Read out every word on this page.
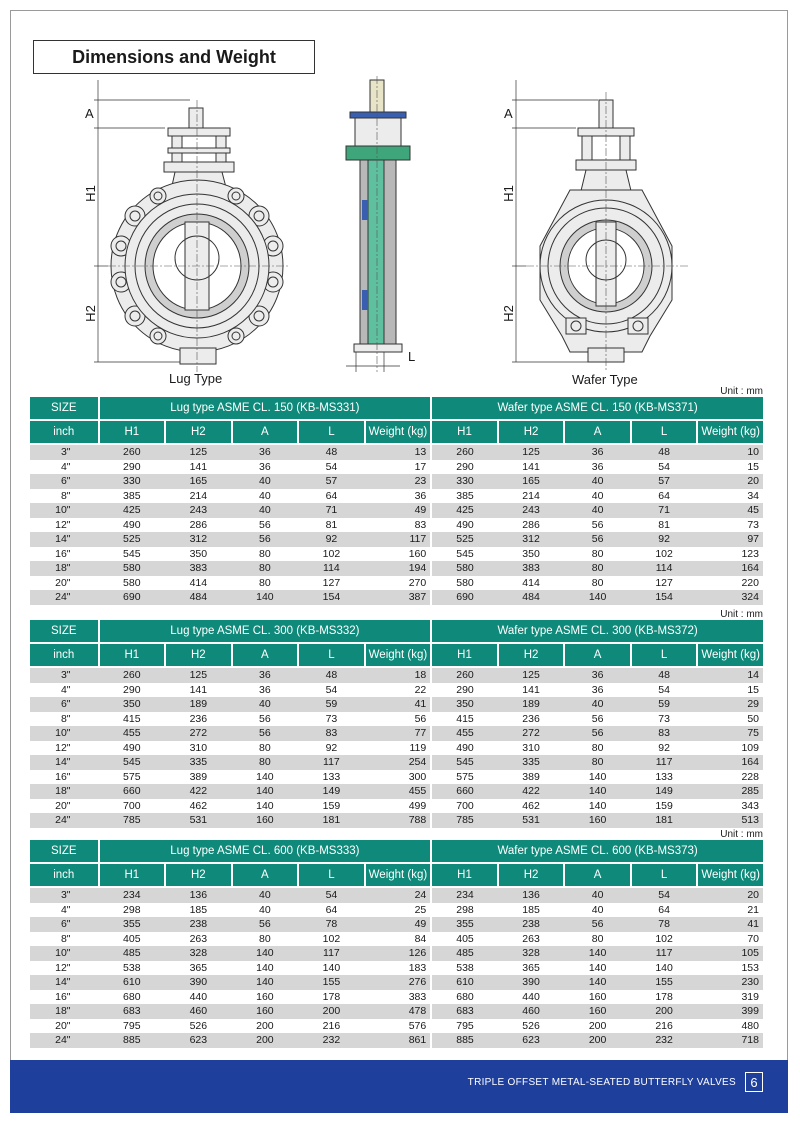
Dimensions and Weight
A
H1
H2
L
A
H1
H2
Lug Type	Wafer Type
Unit : mm
Unit : mm
Unit : mm
SIZE	Lug type ASME CL. 150 (KB-MS331)					Wafer type ASME CL. 150 (KB-MS371)				
inch	H1	H2	A	L	Weight (kg)	H1	H2	A	L	Weight (kg)
3"	260	125	36	48	13	260	125	36	48	10
4"	290	141	36	54	17	290	141	36	54	15
6"	330	165	40	57	23	330	165	40	57	20
8"	385	214	40	64	36	385	214	40	64	34
10"	425	243	40	71	49	425	243	40	71	45
12"	490	286	56	81	83	490	286	56	81	73
14"	525	312	56	92	117	525	312	56	92	97
16"	545	350	80	102	160	545	350	80	102	123
18"	580	383	80	114	194	580	383	80	114	164
20"	580	414	80	127	270	580	414	80	127	220
24"	690	484	140	154	387	690	484	140	154	324
SIZE	Lug type ASME CL. 300 (KB-MS332)					Wafer type ASME CL. 300 (KB-MS372)				
inch	H1	H2	A	L	Weight (kg)	H1	H2	A	L	Weight (kg)
3"	260	125	36	48	18	260	125	36	48	14
4"	290	141	36	54	22	290	141	36	54	15
6"	350	189	40	59	41	350	189	40	59	29
8"	415	236	56	73	56	415	236	56	73	50
10"	455	272	56	83	77	455	272	56	83	75
12"	490	310	80	92	119	490	310	80	92	109
14"	545	335	80	117	254	545	335	80	117	164
16"	575	389	140	133	300	575	389	140	133	228
18"	660	422	140	149	455	660	422	140	149	285
20"	700	462	140	159	499	700	462	140	159	343
24"	785	531	160	181	788	785	531	160	181	513
SIZE	Lug type ASME CL. 600 (KB-MS333)					Wafer type ASME CL. 600 (KB-MS373)				
inch	H1	H2	A	L	Weight (kg)	H1	H2	A	L	Weight (kg)
3"	234	136	40	54	24	234	136	40	54	20
4"	298	185	40	64	25	298	185	40	64	21
6"	355	238	56	78	49	355	238	56	78	41
8"	405	263	80	102	84	405	263	80	102	70
10"	485	328	140	117	126	485	328	140	117	105
12"	538	365	140	140	183	538	365	140	140	153
14"	610	390	140	155	276	610	390	140	155	230
16"	680	440	160	178	383	680	440	160	178	319
18"	683	460	160	200	478	683	460	160	200	399
20"	795	526	200	216	576	795	526	200	216	480
24"	885	623	200	232	861	885	623	200	232	718
TRIPLE OFFSET METAL-SEATED BUTTERFLY VALVES	6
